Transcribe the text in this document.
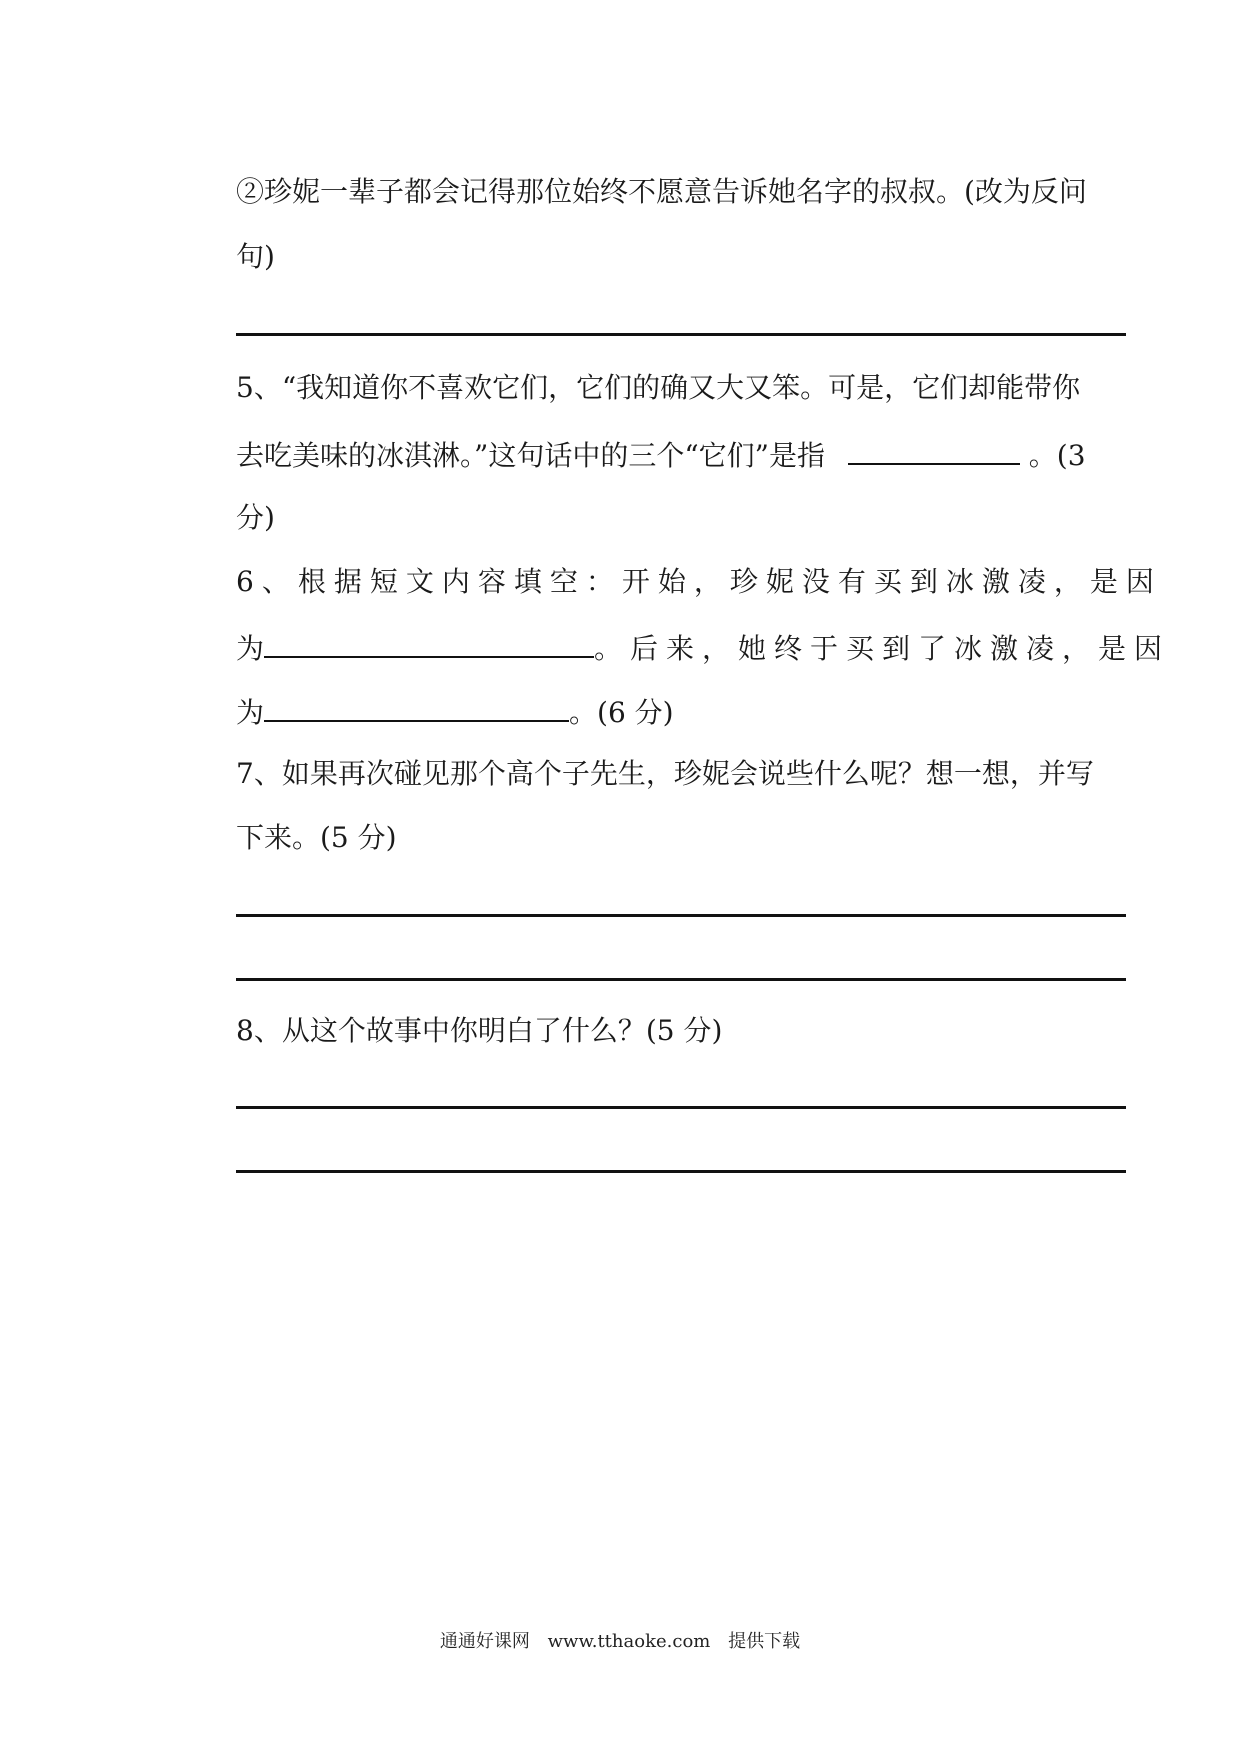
②珍妮一辈子都会记得那位始终不愿意告诉她名字的叔叔。(改为反问
句)
5、“我知道你不喜欢它们，它们的确又大又笨。可是，它们却能带你
去吃美味的冰淇淋。”这句话中的三个“它们”是指	。(3
分)
6、根据短文内容填空：开始，珍妮没有买到冰激凌，是因
为	。后来，她终于买到了冰激凌，是因
为	。(6 分)
7、如果再次碰见那个高个子先生，珍妮会说些什么呢？想一想，并写
下来。(5 分)
8、从这个故事中你明白了什么？(5 分)
通通好课网 www.tthaoke.com 提供下载
